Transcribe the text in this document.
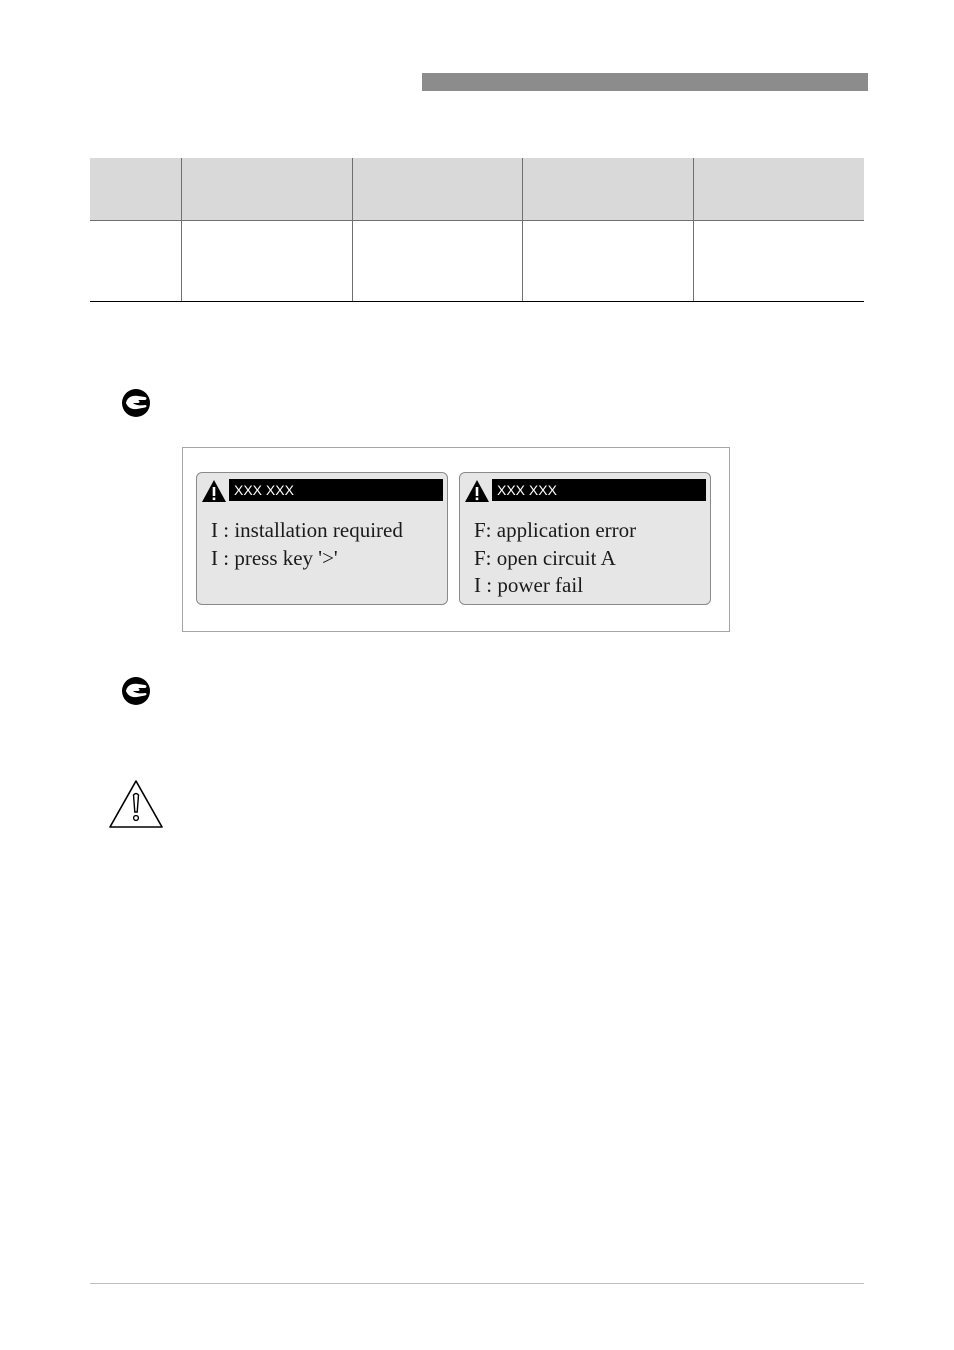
XXX XXX
I : installation required
I : press key '>'
XXX XXX
F: application error
F: open circuit A
I : power fail
